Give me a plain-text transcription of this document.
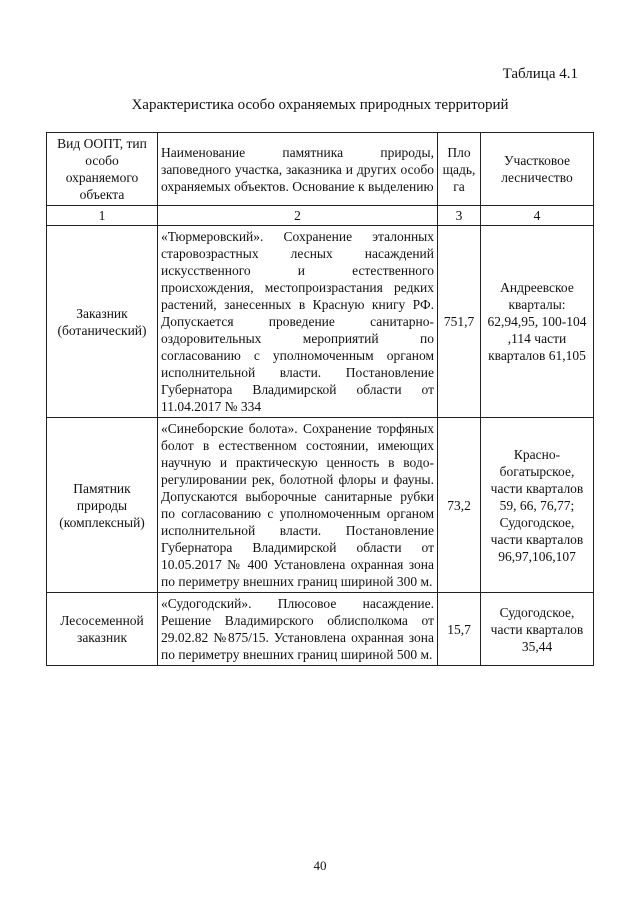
Таблица 4.1
Характеристика особо охраняемых природных территорий
Вид ООПТ, тип особо охраняемого объекта	Наименование памятника природы, заповедного участка, заказника и других особо охраняемых объектов. Основание к выделению	Пло щадь, га	Участковое лесничество
1	2	3	4
Заказник (ботанический)	«Тюрмеровский». Сохранение эталонных старовозрастных лесных насаждений искусственного и естественного происхождения, местопроизрастания редких растений, занесенных в Красную книгу РФ. Допускается проведение санитарно-оздоровительных мероприятий по согласованию с уполномоченным органом исполнительной власти. Постановление Губернатора Владимирской области от 11.04.2017 № 334	751,7	Андреевское кварталы: 62,94,95, 100-104 ,114 части кварталов 61,105
Памятник природы (комплексный)	«Синеборские болота». Сохранение торфяных болот в естественном состоянии, имеющих научную и практическую ценность в водо-регулировании рек, болотной флоры и фауны. Допускаются выборочные санитарные рубки по согласованию с уполномоченным органом исполнительной власти. Постановление Губернатора Владимирской области от 10.05.2017 № 400 Установлена охранная зона по периметру внешних границ шириной 300 м.	73,2	Красно-богатырское, части кварталов 59, 66, 76,77; Судогодское, части кварталов 96,97,106,107
Лесосеменной заказник	«Судогодский». Плюсовое насаждение. Решение Владимирского облисполкома от 29.02.82 №875/15. Установлена охранная зона по периметру внешних границ шириной 500 м.	15,7	Судогодское, части кварталов 35,44
40
